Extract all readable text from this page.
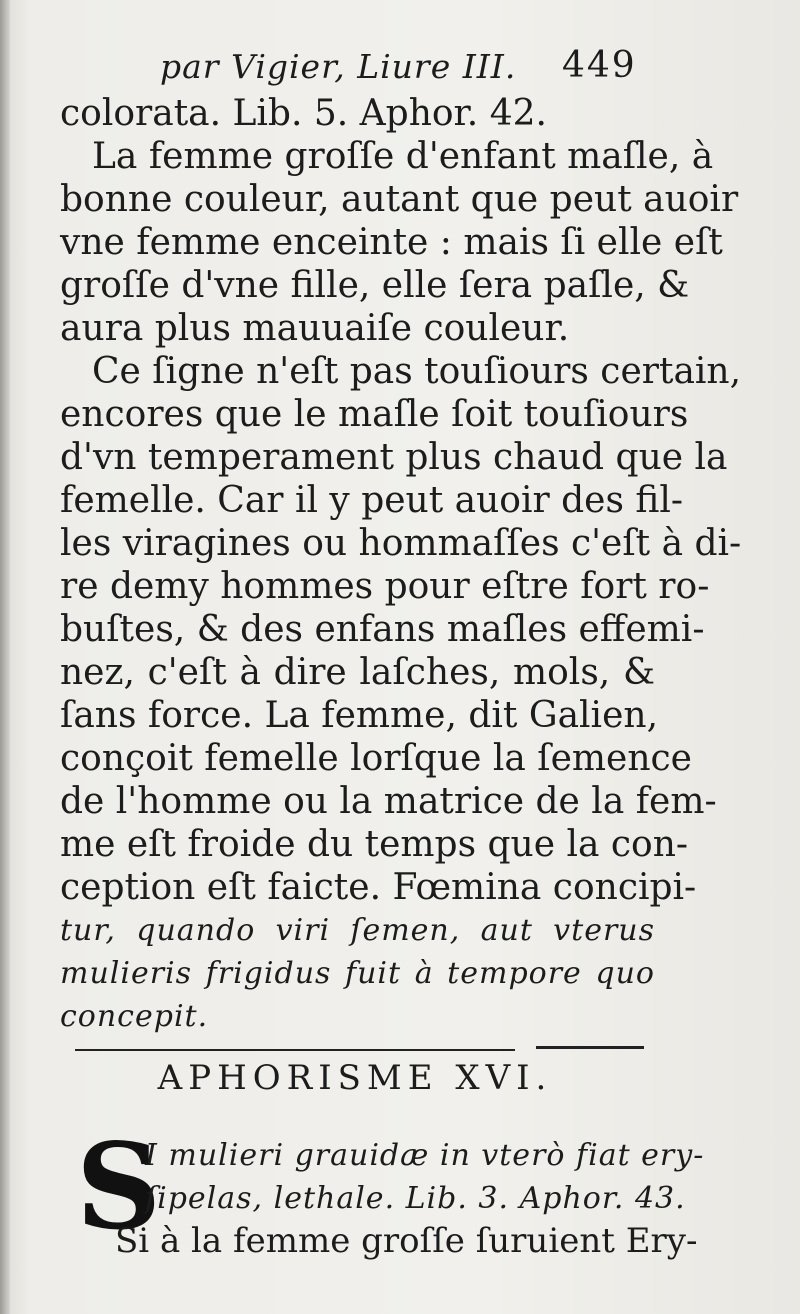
par Vigier, Liure III. 449
colorata. Lib. 5. Aphor. 42.
La femme groſſe d'enfant maſle, à
bonne couleur, autant que peut auoir
vne femme enceinte : mais ſi elle eſt
groſſe d'vne fille, elle ſera paſle, &
aura plus mauuaiſe couleur.
Ce ſigne n'eſt pas touſiours certain,
encores que le maſle ſoit touſiours
d'vn temperament plus chaud que la
femelle. Car il y peut auoir des fil-
les viragines ou hommaſſes c'eſt à di-
re demy hommes pour eſtre fort ro-
buſtes, & des enfans maſles effemi-
nez, c'eſt à dire laſches, mols, &
ſans force. La femme, dit Galien,
conçoit femelle lorſque la ſemence
de l'homme ou la matrice de la fem-
me eſt froide du temps que la con-
ception eſt faicte. Fœmina concipi-
tur, quando viri ſemen, aut vterus
mulieris frigidus fuit à tempore quo
concepit.
APHORISME XVI.
S
I mulieri grauidæ in vterò fiat ery-
ſipelas, lethale. Lib. 3. Aphor. 43.
Si à la femme groſſe ſuruient Ery-
